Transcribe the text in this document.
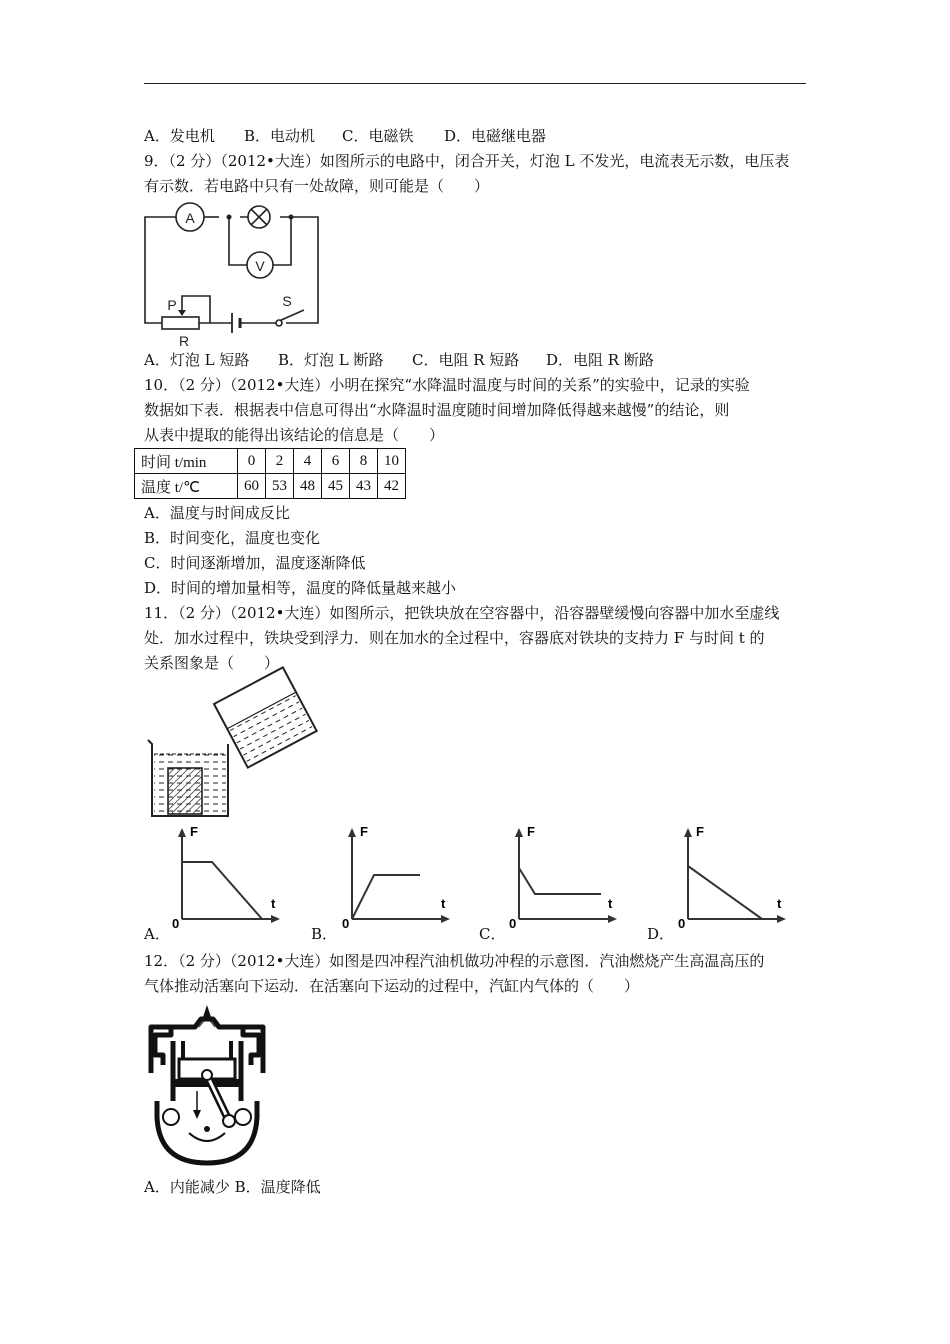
A．发电机 B．电动机 C．电磁铁 D．电磁继电器
9．（2 分）（2012•大连）如图所示的电路中，闭合开关，灯泡 L 不发光，电流表无示数，电压表
有示数．若电路中只有一处故障，则可能是（　　）
A
V
P
R
S
A．灯泡 L 短路 B．灯泡 L 断路 C．电阻 R 短路 D．电阻 R 断路
10．（2 分）（2012•大连）小明在探究“水降温时温度与时间的关系”的实验中，记录的实验
数据如下表．根据表中信息可得出“水降温时温度随时间增加降低得越来越慢”的结论，则
从表中提取的能得出该结论的信息是（　　）
时间 t/min	0	2	4	6	8	10
温度 t/℃	60	53	48	45	43	42
A．温度与时间成反比
B．时间变化，温度也变化
C．时间逐渐增加，温度逐渐降低
D．时间的增加量相等，温度的降低量越来越小
11．（2 分）（2012•大连）如图所示，把铁块放在空容器中，沿容器壁缓慢向容器中加水至虚线
处．加水过程中，铁块受到浮力．则在加水的全过程中，容器底对铁块的支持力 F 与时间 t 的
关系图象是（　　）
F
t
0
F
t
0
F
t
0
F
t
0
A．	B．	C．	D．
12．（2 分）（2012•大连）如图是四冲程汽油机做功冲程的示意图．汽油燃烧产生高温高压的
气体推动活塞向下运动．在活塞向下运动的过程中，汽缸内气体的（　　）
A．内能减少 B．温度降低
